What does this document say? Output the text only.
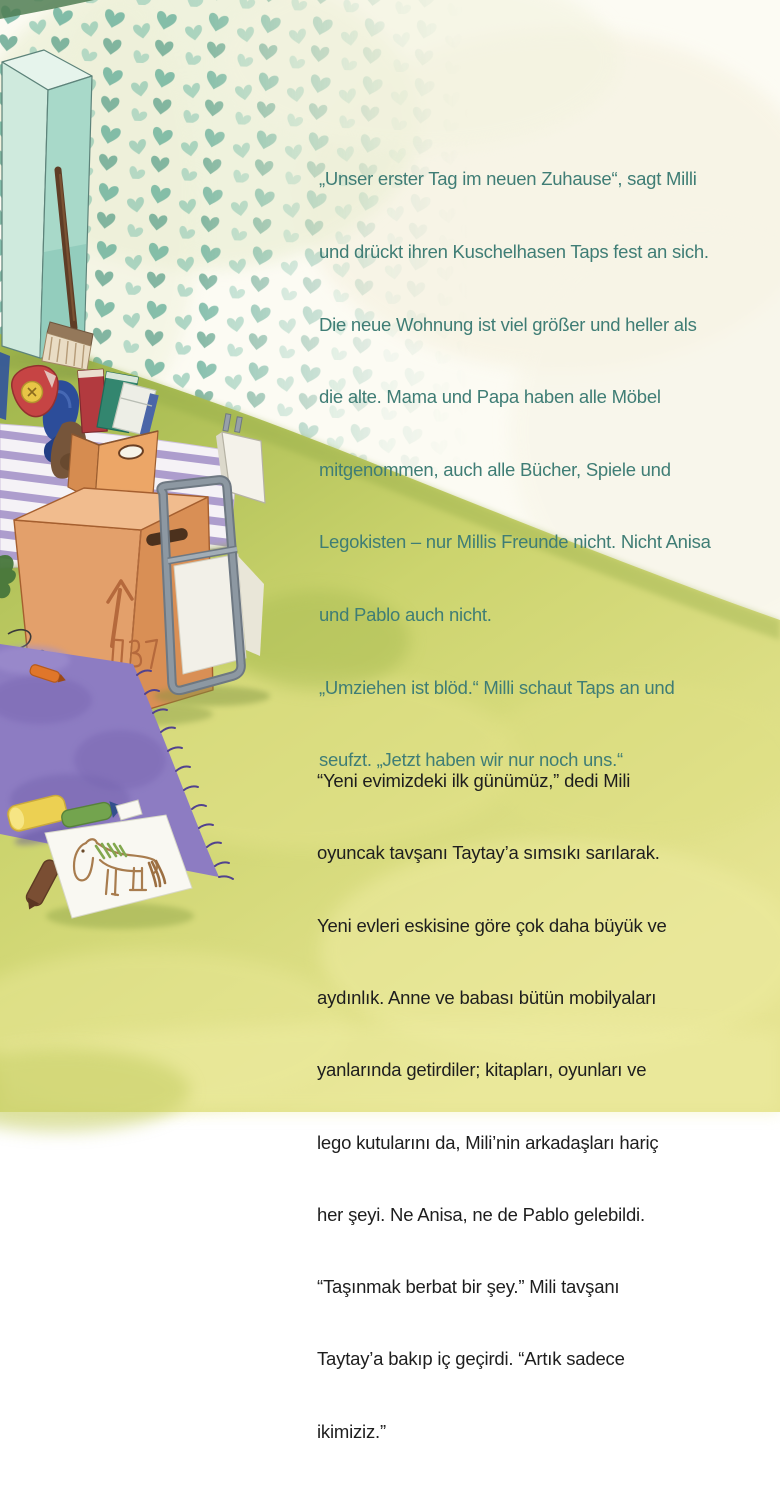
„Unser erster Tag im neuen Zuhause“, sagt Milli

und drückt ihren Kuschelhasen Taps fest an sich.

Die neue Wohnung ist viel größer und heller als

die alte. Mama und Papa haben alle Möbel

mitgenommen, auch alle Bücher, Spiele und

Legokisten – nur Millis Freunde nicht. Nicht Anisa

und Pablo auch nicht.

„Umziehen ist blöd.“ Milli schaut Taps an und

seufzt. „Jetzt haben wir nur noch uns.“

“Yeni evimizdeki ilk günümüz,” dedi Mili

oyuncak tavşanı Taytay’a sımsıkı sarılarak.

Yeni evleri eskisine göre çok daha büyük ve

aydınlık. Anne ve babası bütün mobilyaları

yanlarında getirdiler; kitapları, oyunları ve

lego kutularını da, Mili’nin arkadaşları hariç

her şeyi. Ne Anisa, ne de Pablo gelebildi.

“Taşınmak berbat bir şey.” Mili tavşanı

Taytay’a bakıp iç geçirdi. “Artık sadece

ikimiziz.”
